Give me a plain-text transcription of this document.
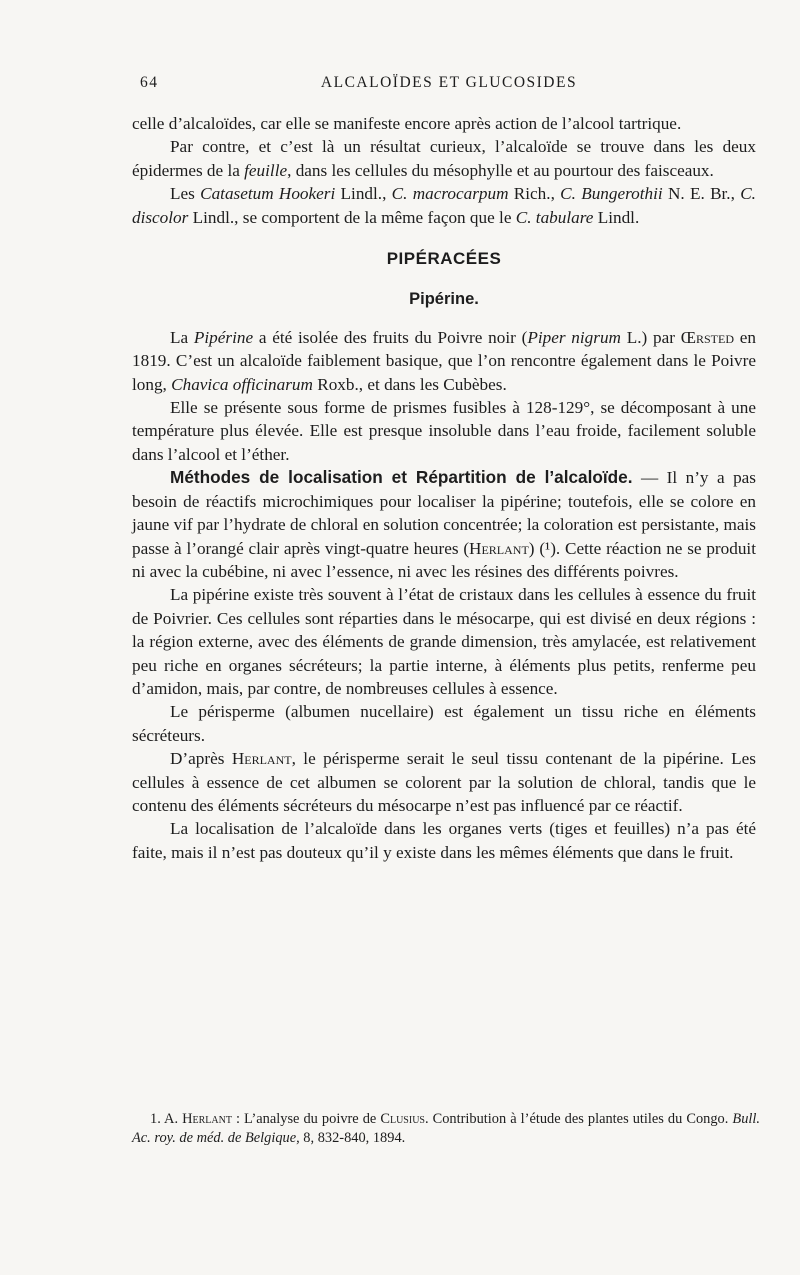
64	ALCALOÏDES ET GLUCOSIDES

celle d’alcaloïdes, car elle se manifeste encore après action de l’alcool tartrique.

Par contre, et c’est là un résultat curieux, l’alcaloïde se trouve dans les deux épidermes de la feuille, dans les cellules du mésophylle et au pourtour des faisceaux.

Les Catasetum Hookeri Lindl., C. macrocarpum Rich., C. Bungerothii N. E. Br., C. discolor Lindl., se comportent de la même façon que le C. tabulare Lindl.

PIPÉRACÉES
Pipérine.

La Pipérine a été isolée des fruits du Poivre noir (Piper nigrum L.) par Œrsted en 1819. C’est un alcaloïde faiblement basique, que l’on rencontre également dans le Poivre long, Chavica officinarum Roxb., et dans les Cubèbes.

Elle se présente sous forme de prismes fusibles à 128-129°, se décomposant à une température plus élevée. Elle est presque insoluble dans l’eau froide, facilement soluble dans l’alcool et l’éther.

Méthodes de localisation et Répartition de l’alcaloïde. — Il n’y a pas besoin de réactifs microchimiques pour localiser la pipérine; toutefois, elle se colore en jaune vif par l’hydrate de chloral en solution concentrée; la coloration est persistante, mais passe à l’orangé clair après vingt-quatre heures (Herlant) (¹). Cette réaction ne se produit ni avec la cubébine, ni avec l’essence, ni avec les résines des différents poivres.

La pipérine existe très souvent à l’état de cristaux dans les cellules à essence du fruit de Poivrier. Ces cellules sont réparties dans le mésocarpe, qui est divisé en deux régions : la région externe, avec des éléments de grande dimension, très amylacée, est relativement peu riche en organes sécréteurs; la partie interne, à éléments plus petits, renferme peu d’amidon, mais, par contre, de nombreuses cellules à essence.

Le périsperme (albumen nucellaire) est également un tissu riche en éléments sécréteurs.

D’après Herlant, le périsperme serait le seul tissu contenant de la pipérine. Les cellules à essence de cet albumen se colorent par la solution de chloral, tandis que le contenu des éléments sécréteurs du mésocarpe n’est pas influencé par ce réactif.

La localisation de l’alcaloïde dans les organes verts (tiges et feuilles) n’a pas été faite, mais il n’est pas douteux qu’il y existe dans les mêmes éléments que dans le fruit.

1. A. Herlant : L’analyse du poivre de Clusius. Contribution à l’étude des plantes utiles du Congo. Bull. Ac. roy. de méd. de Belgique, 8, 832-840, 1894.
